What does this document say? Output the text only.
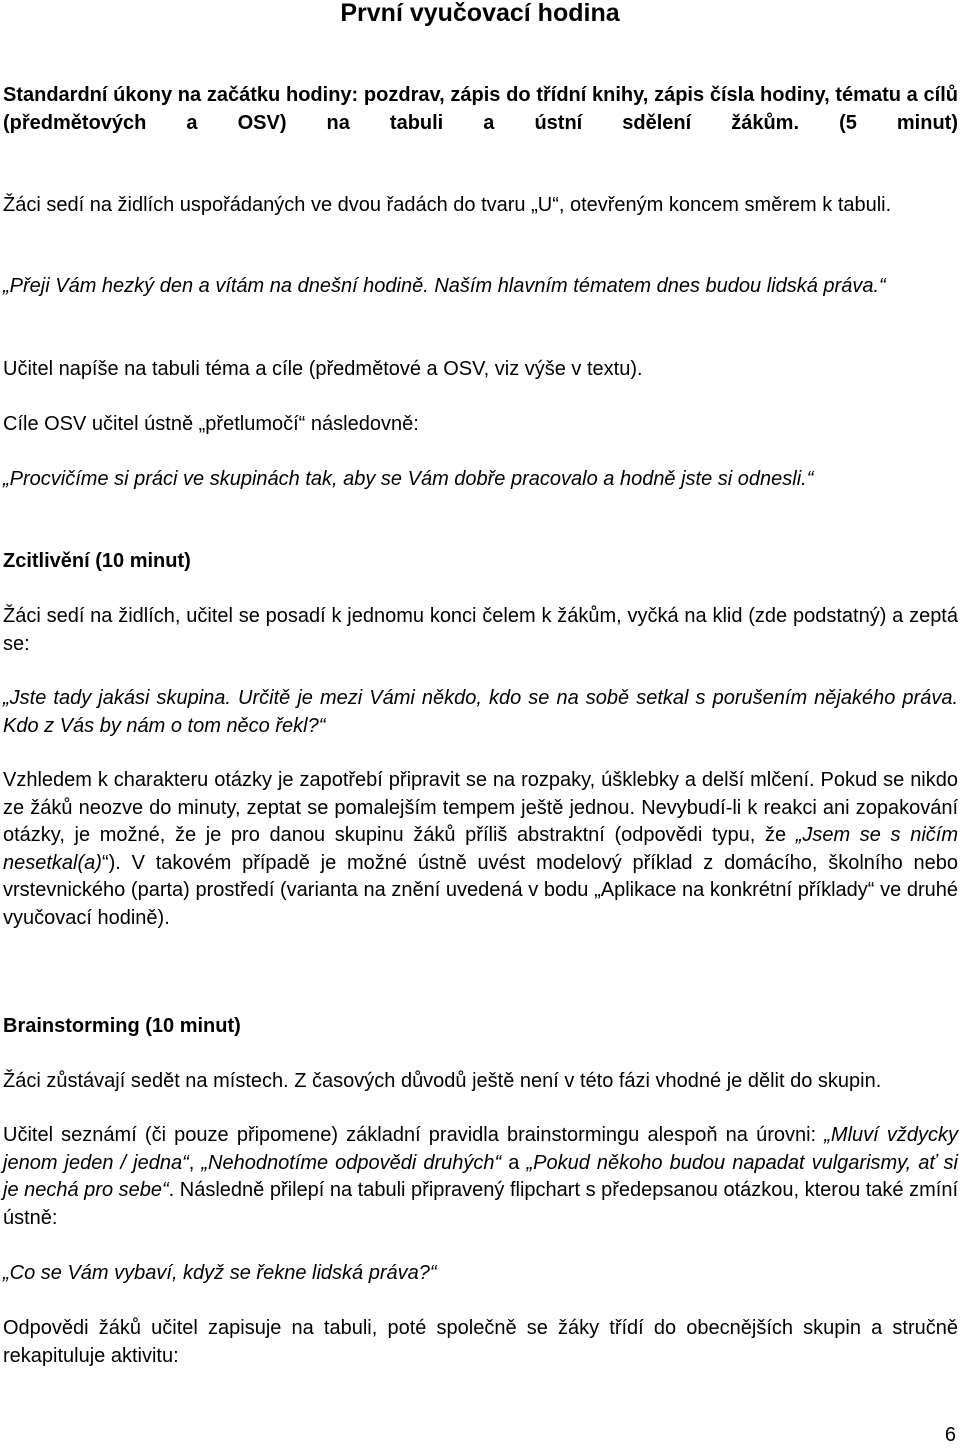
První vyučovací hodina

Standardní úkony na začátku hodiny: pozdrav, zápis do třídní knihy, zápis čísla hodiny, tématu a cílů (předmětových a OSV) na tabuli a ústní sdělení žákům. (5 minut)

Žáci sedí na židlích uspořádaných ve dvou řadách do tvaru „U“, otevřeným koncem směrem k tabuli.

„Přeji Vám hezký den a vítám na dnešní hodině. Naším hlavním tématem dnes budou lidská práva.“

Učitel napíše na tabuli téma a cíle (předmětové a OSV, viz výše v textu).

Cíle OSV učitel ústně „přetlumočí“ následovně:

„Procvičíme si práci ve skupinách tak, aby se Vám dobře pracovalo a hodně jste si odnesli.“

Zcitlivění (10 minut)

Žáci sedí na židlích, učitel se posadí k jednomu konci čelem k žákům, vyčká na klid (zde podstatný) a zeptá se:

„Jste tady jakási skupina. Určitě je mezi Vámi někdo, kdo se na sobě setkal s porušením nějakého práva. Kdo z Vás by nám o tom něco řekl?“

Vzhledem k charakteru otázky je zapotřebí připravit se na rozpaky, úšklebky a delší mlčení. Pokud se nikdo ze žáků neozve do minuty, zeptat se pomalejším tempem ještě jednou. Nevybudí-li k reakci ani zopakování otázky, je možné, že je pro danou skupinu žáků příliš abstraktní (odpovědi typu, že „Jsem se s ničím nesetkal(a)“). V takovém případě je možné ústně uvést modelový příklad z domácího, školního nebo vrstevnického (parta) prostředí (varianta na znění uvedená v bodu „Aplikace na konkrétní příklady“ ve druhé vyučovací hodině).

Brainstorming (10 minut)

Žáci zůstávají sedět na místech. Z časových důvodů ještě není v této fázi vhodné je dělit do skupin.

Učitel seznámí (či pouze připomene) základní pravidla brainstormingu alespoň na úrovni: „Mluví vždycky jenom jeden / jedna“, „Nehodnotíme odpovědi druhých“ a „Pokud někoho budou napadat vulgarismy, ať si je nechá pro sebe“. Následně přilepí na tabuli připravený flipchart s předepsanou otázkou, kterou také zmíní ústně:

„Co se Vám vybaví, když se řekne lidská práva?“

Odpovědi žáků učitel zapisuje na tabuli, poté společně se žáky třídí do obecnějších skupin a stručně rekapituluje aktivitu:

6
